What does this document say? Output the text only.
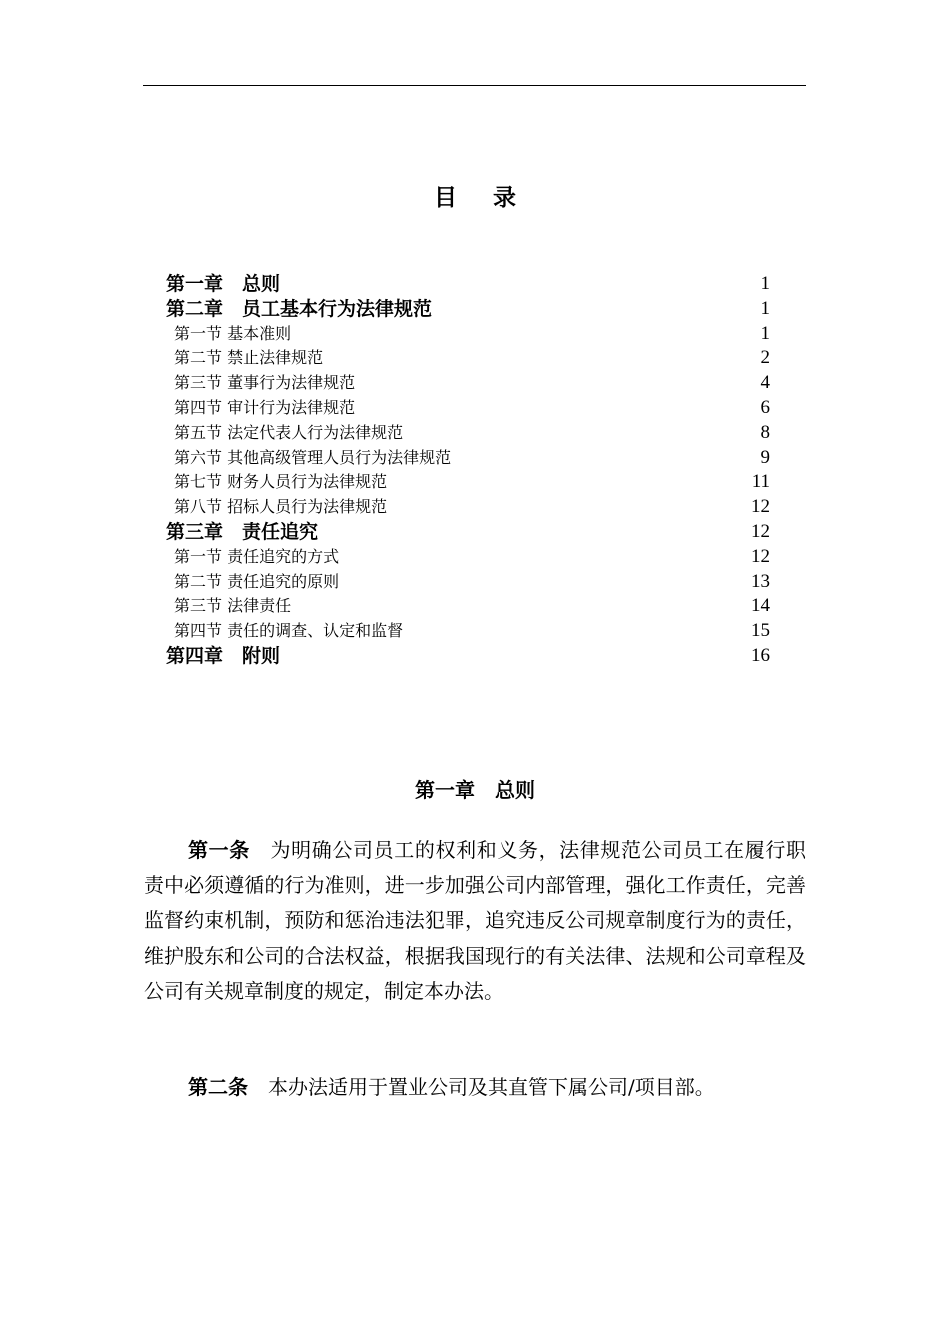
目录
第一章　总则	1
第二章　员工基本行为法律规范	1
第一节 基本准则	1
第二节 禁止法律规范	2
第三节 董事行为法律规范	4
第四节 审计行为法律规范	6
第五节 法定代表人行为法律规范	8
第六节 其他高级管理人员行为法律规范	9
第七节 财务人员行为法律规范	11
第八节 招标人员行为法律规范	12
第三章　责任追究	12
第一节 责任追究的方式	12
第二节 责任追究的原则	13
第三节 法律责任	14
第四节 责任的调查、认定和监督	15
第四章　附则	16
第一章　总则
第一条　为明确公司员工的权利和义务，法律规范公司员工在履行职责中必须遵循的行为准则，进一步加强公司内部管理，强化工作责任，完善监督约束机制，预防和惩治违法犯罪，追究违反公司规章制度行为的责任，维护股东和公司的合法权益，根据我国现行的有关法律、法规和公司章程及公司有关规章制度的规定，制定本办法。
第二条　本办法适用于置业公司及其直管下属公司/项目部。
